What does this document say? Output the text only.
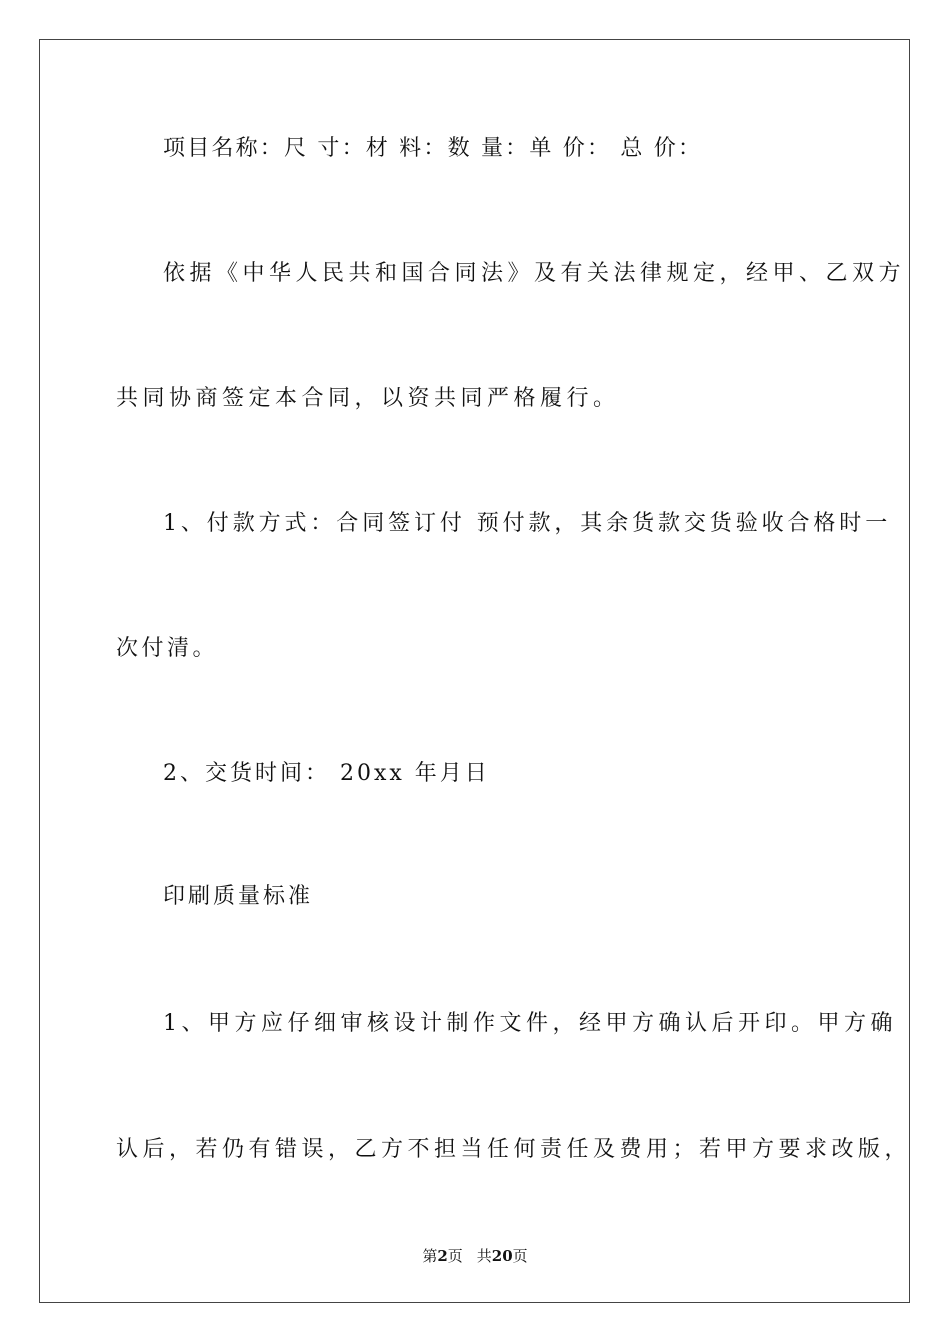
项目名称：尺 寸：材 料：数 量：单 价： 总 价：
依据《中华人民共和国合同法》及有关法律规定，经甲、乙双方
共同协商签定本合同，以资共同严格履行。
1、付款方式：合同签订付 预付款，其余货款交货验收合格时一
次付清。
2、交货时间： 20xx 年月日
印刷质量标准
1、甲方应仔细审核设计制作文件，经甲方确认后开印。甲方确
认后，若仍有错误，乙方不担当任何责任及费用；若甲方要求改版，
第2页 共20页
